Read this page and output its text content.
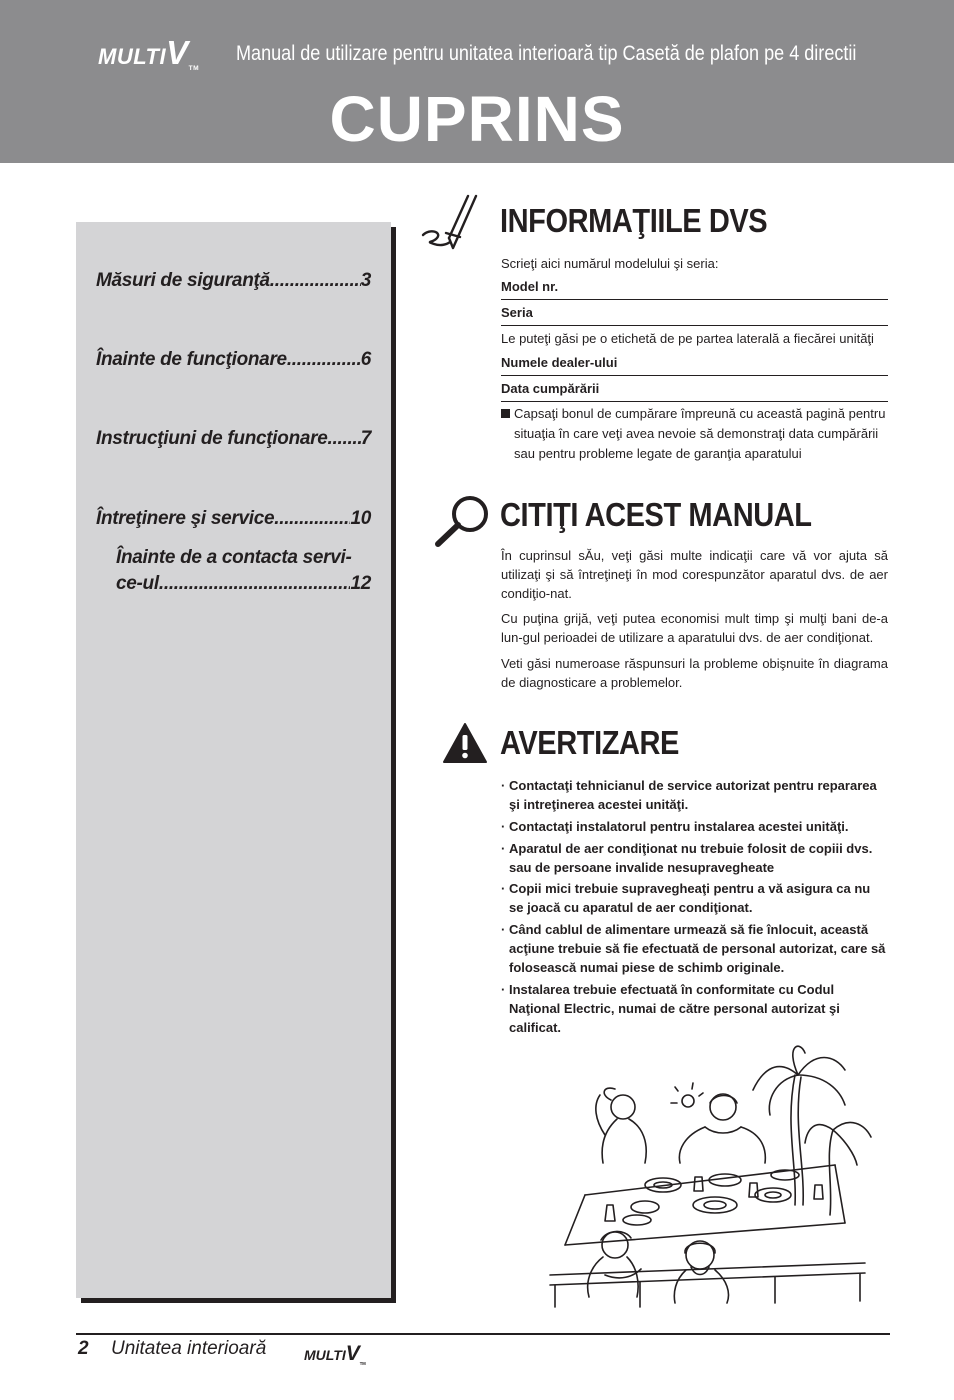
MULTIVTM
Manual de utilizare pentru unitatea interioară tip Casetă de plafon pe 4 directii
CUPRINS
Măsuri de siguranţă .....	3
Înainte de funcţionare .....	6
Instrucţiuni de funcţionare ..... 7
Întreţinere şi service .....	10
Înainte de a contacta servi-
ce-ul .....	12
INFORMAŢIILE DVS
Scrieţi aici numărul modelului şi seria:
Model nr.
Seria
Le puteţi găsi pe o etichetă de pe partea laterală a fiecărei unităţi
Numele dealer-ului
Data cumpărării
Capsaţi bonul de cumpărare împreună cu această pagină pentru
situaţia în care veţi avea nevoie să demonstraţi data cumpărării
sau pentru probleme legate de garanţia aparatului
CITIŢI ACEST MANUAL
În cuprinsul sĂu, veţi găsi multe indicaţii care vă vor ajuta să utilizaţi şi să întreţineţi în mod corespunzător aparatul dvs. de aer condiţio-nat.
Cu puţina grijă, veţi putea economisi mult timp şi mulţi bani de-a lun-gul perioadei de utilizare a aparatului dvs. de aer condiţionat.
Veti găsi numeroase răspunsuri la probleme obişnuite în diagrama de diagnosticare a problemelor.
AVERTIZARE
· Contactaţi tehnicianul de service autorizat pentru repararea şi intreţinerea acestei unităţi.
· Contactaţi instalatorul pentru instalarea acestei unităţi.
· Aparatul de aer condiţionat nu trebuie folosit de copiii dvs. sau de persoane invalide nesupravegheate
· Copii mici trebuie supravegheaţi pentru a vă asigura ca nu se joacă cu aparatul de aer condiţionat.
· Când cablul de alimentare urmează să fie înlocuit, această acţiune trebuie să fie efectuată de personal autorizat, care să folosească numai piese de schimb originale.
· Instalarea trebuie efectuată în conformitate cu Codul Naţional Electric, numai de către personal autorizat şi calificat.
2 Unitatea interioară	MULTIVTM
